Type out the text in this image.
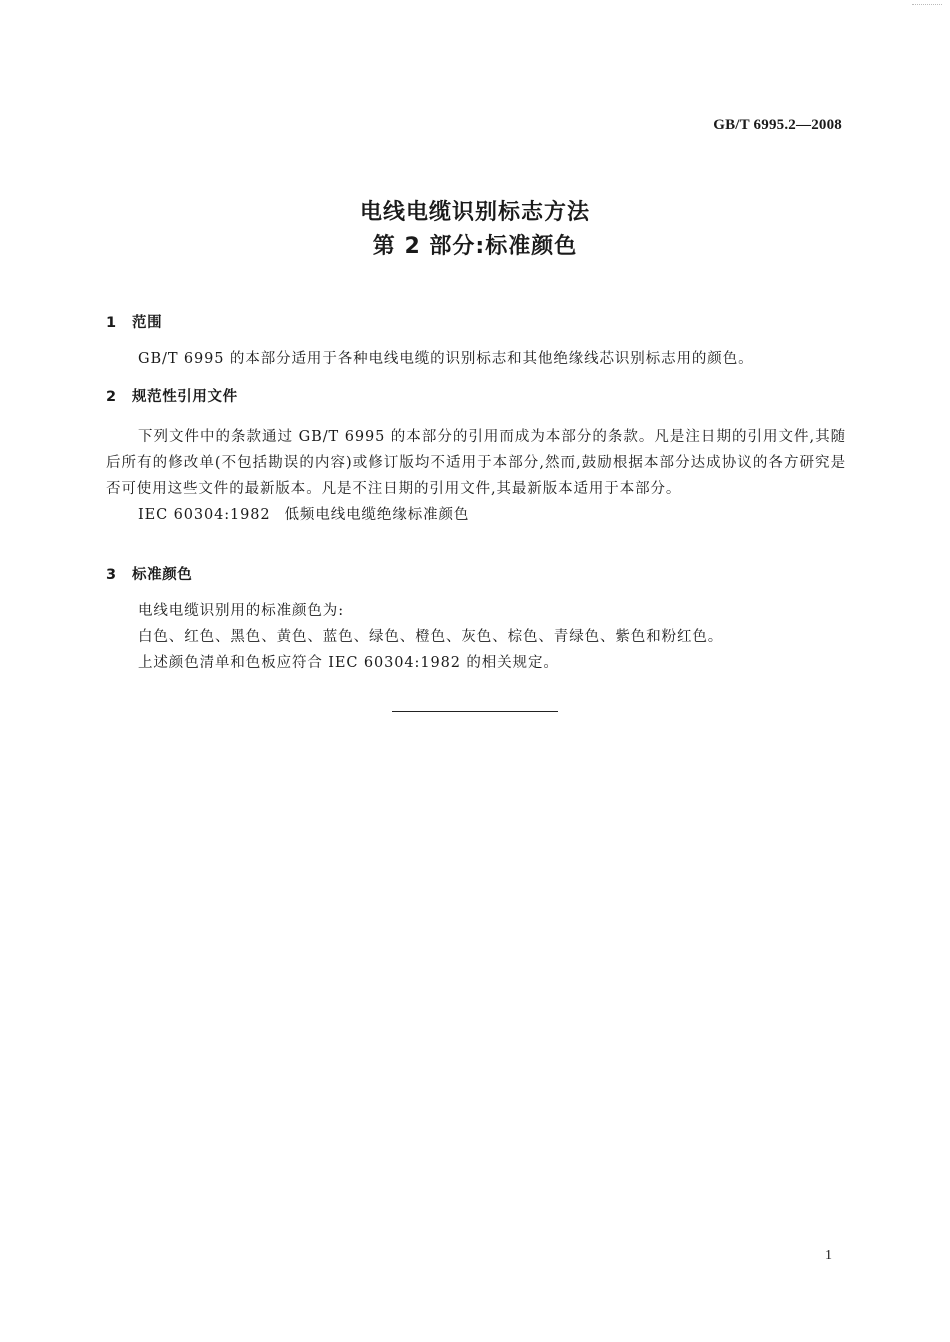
GB/T 6995.2—2008
电线电缆识别标志方法
第 2 部分:标准颜色
1 范围
GB/T 6995 的本部分适用于各种电线电缆的识别标志和其他绝缘线芯识别标志用的颜色。
2 规范性引用文件
下列文件中的条款通过 GB/T 6995 的本部分的引用而成为本部分的条款。凡是注日期的引用文件,其随后所有的修改单(不包括勘误的内容)或修订版均不适用于本部分,然而,鼓励根据本部分达成协议的各方研究是否可使用这些文件的最新版本。凡是不注日期的引用文件,其最新版本适用于本部分。
IEC 60304:1982 低频电线电缆绝缘标准颜色
3 标准颜色
电线电缆识别用的标准颜色为:
白色、红色、黑色、黄色、蓝色、绿色、橙色、灰色、棕色、青绿色、紫色和粉红色。
上述颜色清单和色板应符合 IEC 60304:1982 的相关规定。
1
